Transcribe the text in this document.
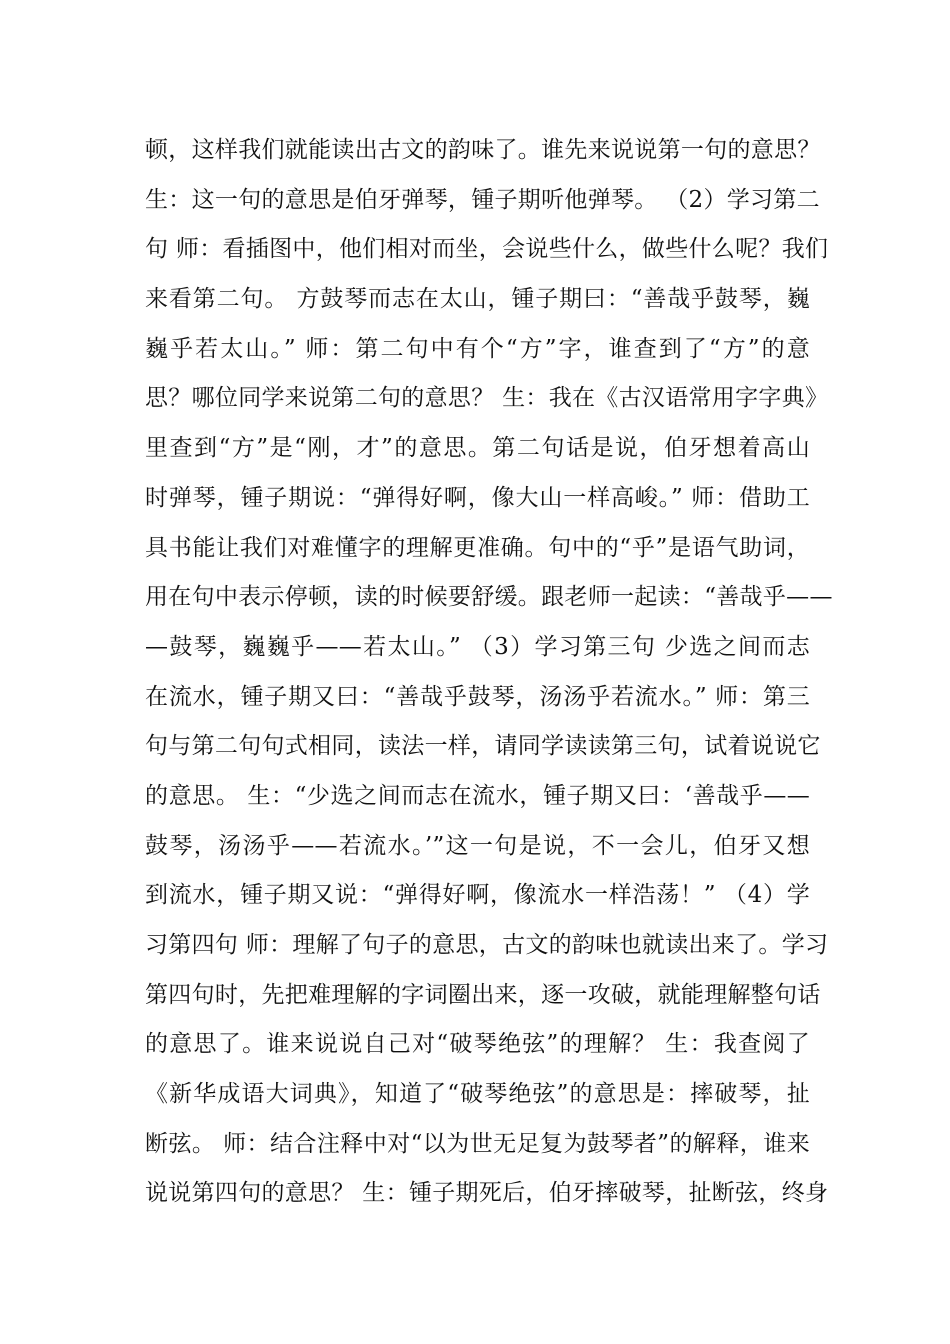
顿，这样我们就能读出古文的韵味了。谁先来说说第一句的意思？
生：这一句的意思是伯牙弹琴，锺子期听他弹琴。 （2）学习第二
句 师：看插图中，他们相对而坐，会说些什么，做些什么呢？我们
来看第二句。 方鼓琴而志在太山，锺子期曰：“善哉乎鼓琴，巍
巍乎若太山。” 师：第二句中有个“方”字，谁查到了“方”的意
思？哪位同学来说第二句的意思？ 生：我在《古汉语常用字字典》
里查到“方”是“刚，才”的意思。第二句话是说，伯牙想着高山
时弹琴，锺子期说：“弹得好啊，像大山一样高峻。” 师：借助工
具书能让我们对难懂字的理解更准确。句中的“乎”是语气助词，
用在句中表示停顿，读的时候要舒缓。跟老师一起读：“善哉乎——
—鼓琴，巍巍乎——若太山。” （3）学习第三句 少选之间而志
在流水，锺子期又曰：“善哉乎鼓琴，汤汤乎若流水。” 师：第三
句与第二句句式相同，读法一样，请同学读读第三句，试着说说它
的意思。 生：“少选之间而志在流水，锺子期又曰：‘善哉乎——
鼓琴，汤汤乎——若流水。’”这一句是说，不一会儿，伯牙又想
到流水，锺子期又说：“弹得好啊，像流水一样浩荡！” （4）学
习第四句 师：理解了句子的意思，古文的韵味也就读出来了。学习
第四句时，先把难理解的字词圈出来，逐一攻破，就能理解整句话
的意思了。谁来说说自己对“破琴绝弦”的理解？ 生：我查阅了
《新华成语大词典》，知道了“破琴绝弦”的意思是：摔破琴，扯
断弦。 师：结合注释中对“以为世无足复为鼓琴者”的解释，谁来
说说第四句的意思？ 生：锺子期死后，伯牙摔破琴，扯断弦，终身
